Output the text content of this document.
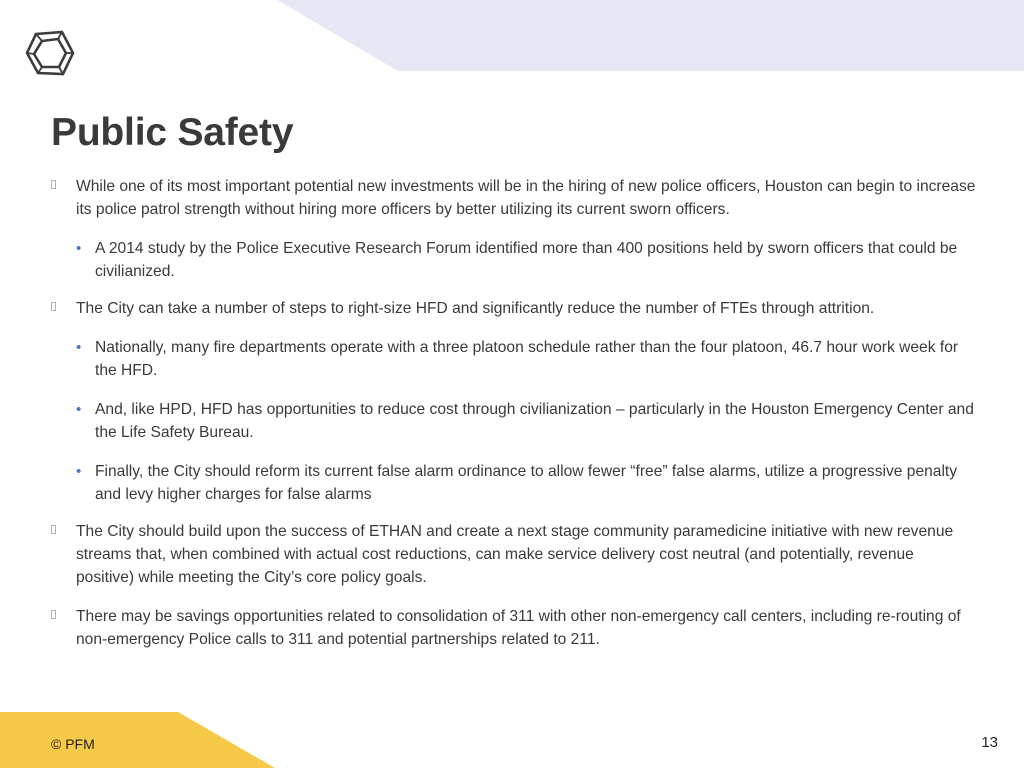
Public Safety
While one of its most important potential new investments will be in the hiring of new police officers, Houston can begin to increase its police patrol strength without hiring more officers by better utilizing its current sworn officers.
• A 2014 study by the Police Executive Research Forum identified more than 400 positions held by sworn officers that could be civilianized.
The City can take a number of steps to right-size HFD and significantly reduce the number of FTEs through attrition.
• Nationally, many fire departments operate with a three platoon schedule rather than the four platoon, 46.7 hour work week for the HFD.
• And, like HPD, HFD has opportunities to reduce cost through civilianization – particularly in the Houston Emergency Center and the Life Safety Bureau.
• Finally, the City should reform its current false alarm ordinance to allow fewer “free” false alarms, utilize a progressive penalty and levy higher charges for false alarms
The City should build upon the success of ETHAN and create a next stage community paramedicine initiative with new revenue streams that, when combined with actual cost reductions, can make service delivery cost neutral (and potentially, revenue positive) while meeting the City’s core policy goals.
There may be savings opportunities related to consolidation of 311 with other non-emergency call centers, including re-routing of non-emergency Police calls to 311 and potential partnerships related to 211.
© PFM	13
